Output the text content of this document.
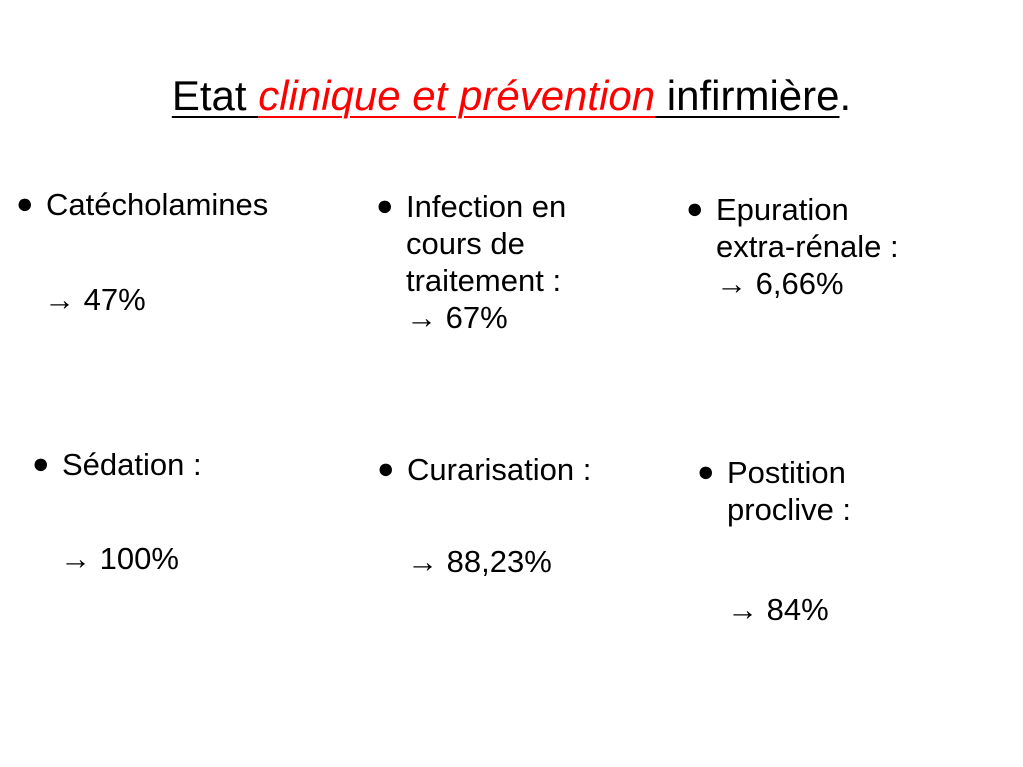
Etat clinique et prévention infirmière.
● Catécholamines
→ 47%
● Infection en
cours de
traitement :
→ 67%
● Epuration
extra-rénale :
→ 6,66%
● Sédation :
→ 100%
● Curarisation :
→ 88,23%
● Postition
proclive :
→ 84%
